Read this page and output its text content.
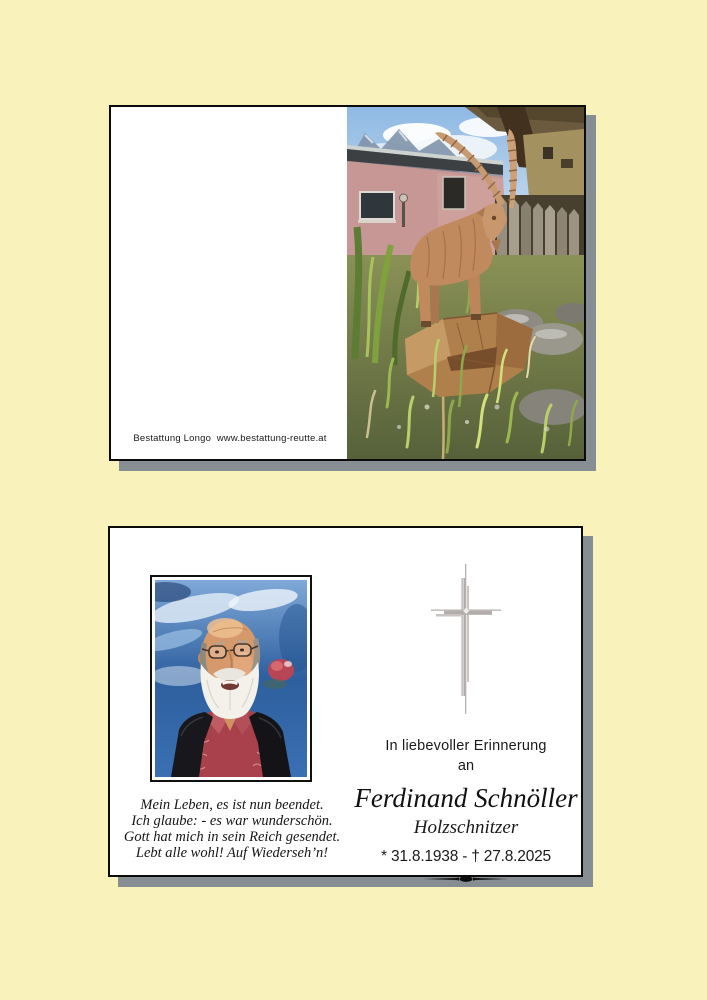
Bestattung Longo  www.bestattung-reutte.at
Mein Leben, es ist nun beendet.
Ich glaube: - es war wunderschön.
Gott hat mich in sein Reich gesendet.
Lebt alle wohl! Auf Wiederseh’n!
In liebevoller Erinnerung
an
Ferdinand Schnöller
Holzschnitzer
* 31.8.1938 - † 27.8.2025
